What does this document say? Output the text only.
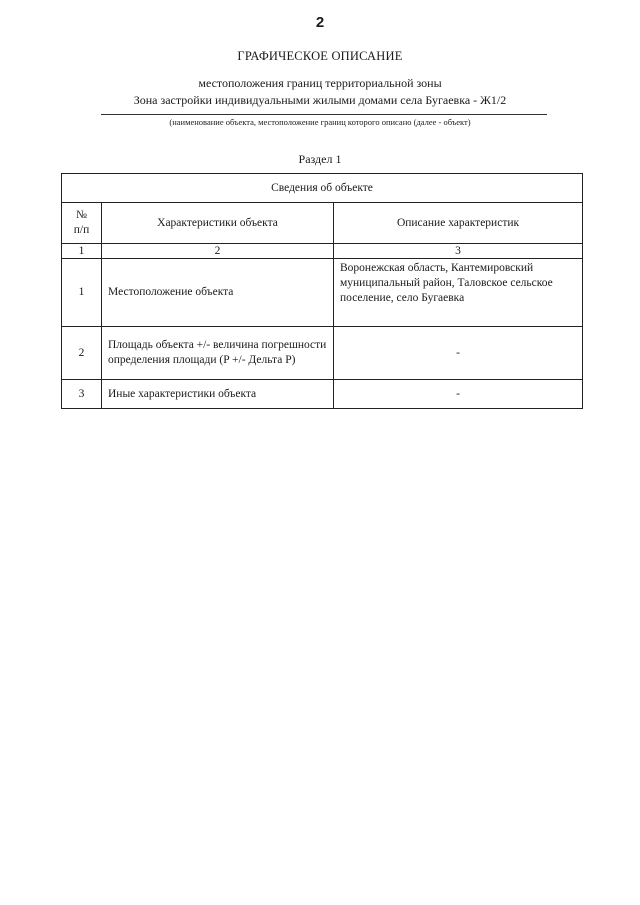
2
ГРАФИЧЕСКОЕ ОПИСАНИЕ
местоположения границ территориальной зоны
Зона застройки индивидуальными жилыми домами села Бугаевка - Ж1/2
(наименование объекта, местоположение границ которого описано (далее - объект)
Раздел 1
Сведения об объекте		
№
п/п	Характеристики объекта	Описание характеристик
1	2	3
1	Местоположение объекта	Воронежская область, Кантемировский муниципальный район, Таловское сельское поселение, село Бугаевка
2	Площадь объекта +/- величина погрешности определения площади (P +/- Дельта P)	-
3	Иные характеристики объекта	-
